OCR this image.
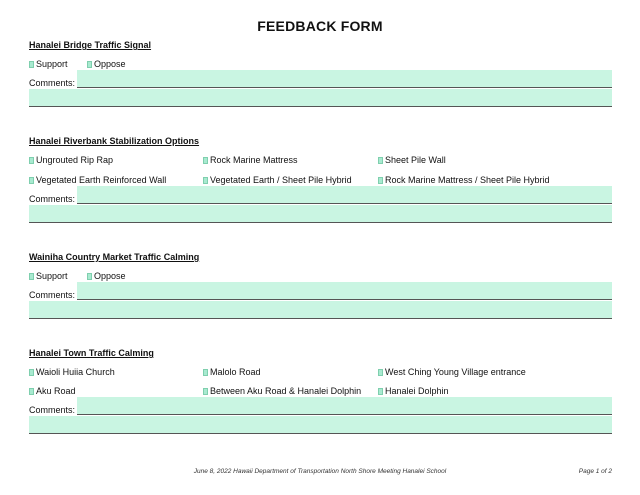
FEEDBACK FORM
Hanalei Bridge Traffic Signal
Support	Oppose
Comments:
Hanalei Riverbank Stabilization Options
Ungrouted Rip Rap	Rock Marine Mattress	Sheet Pile Wall
Vegetated Earth Reinforced Wall	Vegetated Earth / Sheet Pile Hybrid	Rock Marine Mattress / Sheet Pile Hybrid
Comments:
Wainiha Country Market Traffic Calming
Support	Oppose
Comments:
Hanalei Town Traffic Calming
Waioli Huiia Church	Malolo Road	West Ching Young Village entrance
Aku Road	Between Aku Road & Hanalei Dolphin	Hanalei Dolphin
Comments:
June 8, 2022 Hawaii Department of Transportation North Shore Meeting Hanalei School	Page 1 of 2
